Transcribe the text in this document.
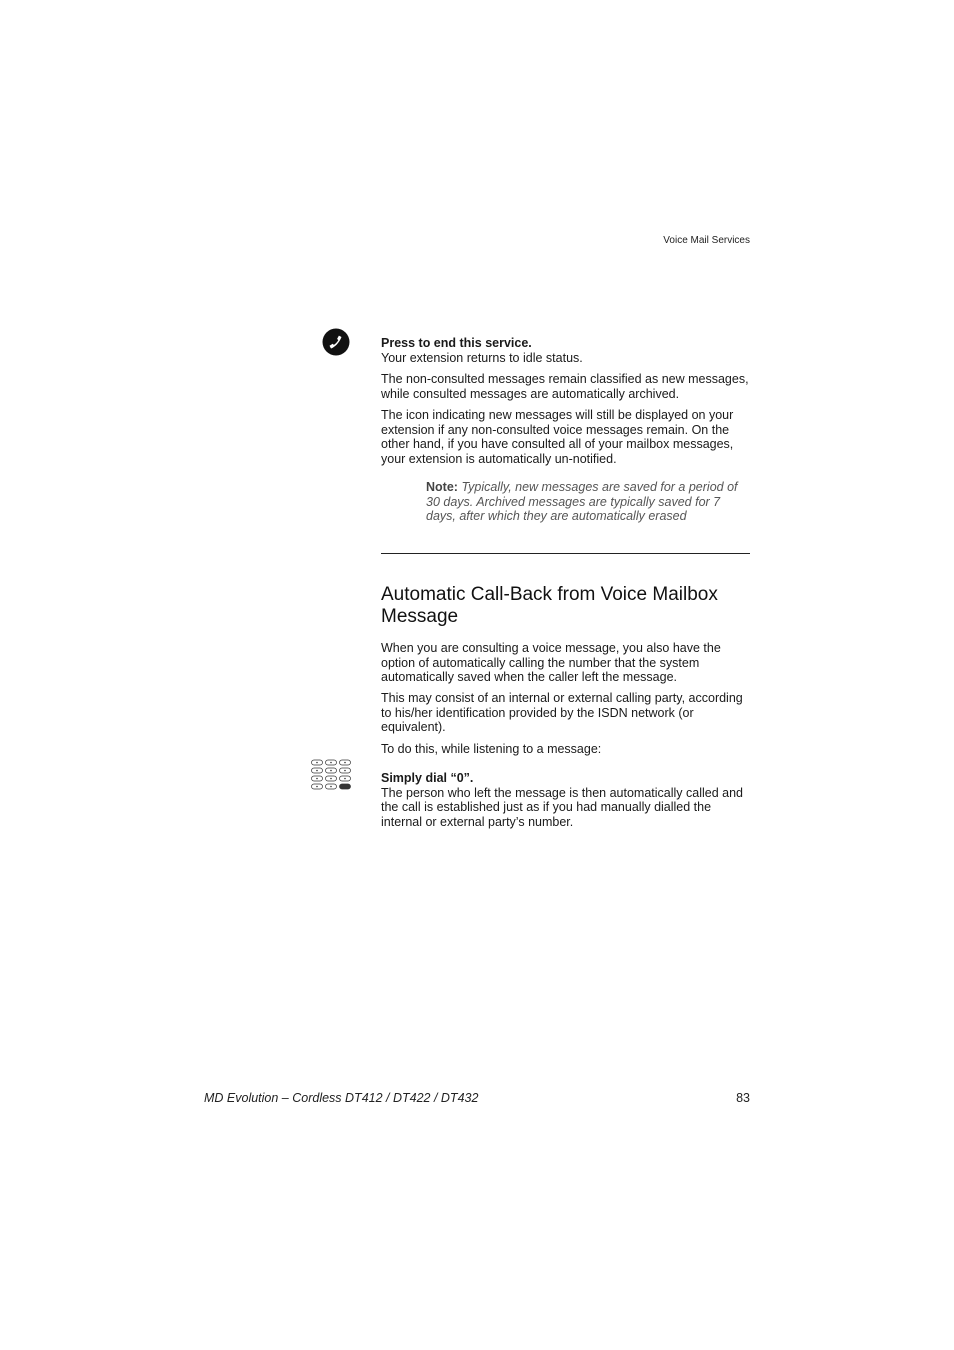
Voice Mail Services

Press to end this service.

Your extension returns to idle status.

The non-consulted messages remain classified as new messages, while consulted messages are automatically archived.
The icon indicating new messages will still be displayed on your extension if any non-consulted voice messages remain. On the other hand, if you have consulted all of your mailbox messages, your extension is automatically un-notified.
Note: Typically, new messages are saved for a period of 30 days. Archived messages are typically saved for 7 days, after which they are automatically erased
Automatic Call-Back from Voice Mailbox Message
When you are consulting a voice message, you also have the option of automatically calling the number that the system automatically saved when the caller left the message.
This may consist of an internal or external calling party, according to his/her identification provided by the ISDN network (or equivalent).
To do this, while listening to a message:

Simply dial “0”.

The person who left the message is then automatically called and the call is established just as if you had manually dialled the internal or external party’s number.

MD Evolution – Cordless DT412 / DT422 / DT432	83
